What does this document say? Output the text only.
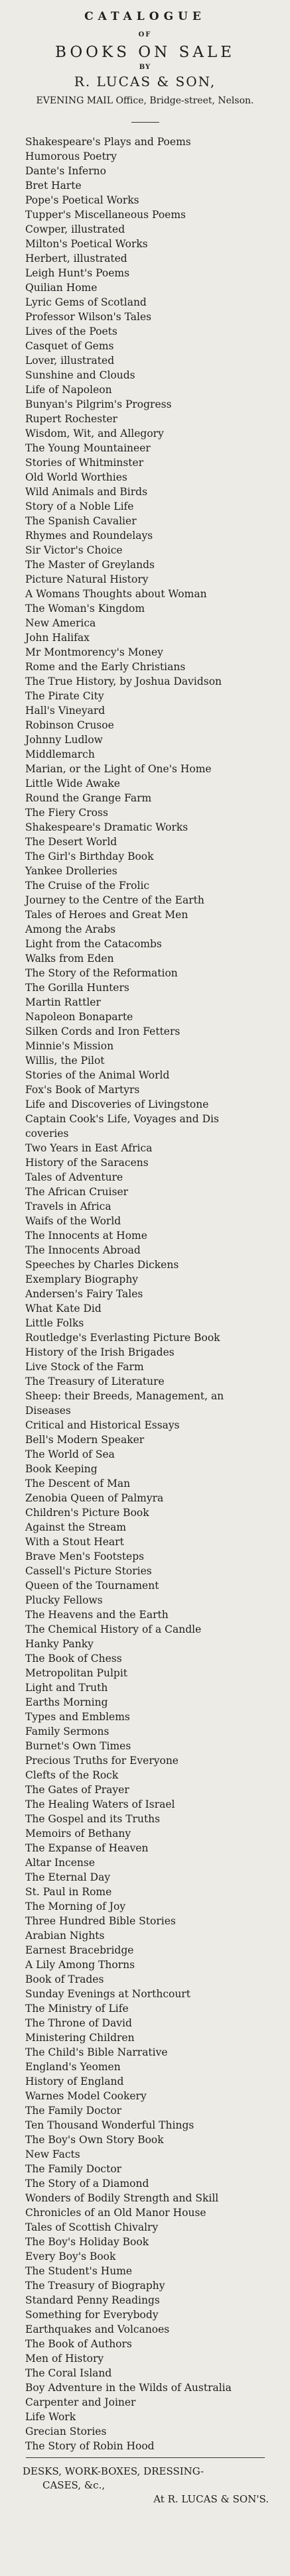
CATALOGUE
OF
BOOKS ON SALE
BY
R. LUCAS & SON,
EVENING MAIL Office, Bridge-street, Nelson.
Shakespeare's Plays and Poems
Humorous Poetry
Dante's Inferno
Bret Harte
Pope's Poetical Works
Tupper's Miscellaneous Poems
Cowper, illustrated
Milton's Poetical Works
Herbert, illustrated
Leigh Hunt's Poems
Quilian Home
Lyric Gems of Scotland
Professor Wilson's Tales
Lives of the Poets
Casquet of Gems
Lover, illustrated
Sunshine and Clouds
Life of Napoleon
Bunyan's Pilgrim's Progress
Rupert Rochester
Wisdom, Wit, and Allegory
The Young Mountaineer
Stories of Whitminster
Old World Worthies
Wild Animals and Birds
Story of a Noble Life
The Spanish Cavalier
Rhymes and Roundelays
Sir Victor's Choice
The Master of Greylands
Picture Natural History
A Womans Thoughts about Woman
The Woman's Kingdom
New America
John Halifax
Mr Montmorency's Money
Rome and the Early Christians
The True History, by Joshua Davidson
The Pirate City
Hall's Vineyard
Robinson Crusoe
Johnny Ludlow
Middlemarch
Marian, or the Light of One's Home
Little Wide Awake
Round the Grange Farm
The Fiery Cross
Shakespeare's Dramatic Works
The Desert World
The Girl's Birthday Book
Yankee Drolleries
The Cruise of the Frolic
Journey to the Centre of the Earth
Tales of Heroes and Great Men
Among the Arabs
Light from the Catacombs
Walks from Eden
The Story of the Reformation
The Gorilla Hunters
Martin Rattler
Napoleon Bonaparte
Silken Cords and Iron Fetters
Minnie's Mission
Willis, the Pilot
Stories of the Animal World
Fox's Book of Martyrs
Life and Discoveries of Livingstone
Captain Cook's Life, Voyages and Dis
coveries
Two Years in East Africa
History of the Saracens
Tales of Adventure
The African Cruiser
Travels in Africa
Waifs of the World
The Innocents at Home
The Innocents Abroad
Speeches by Charles Dickens
Exemplary Biography
Andersen's Fairy Tales
What Kate Did
Little Folks
Routledge's Everlasting Picture Book
History of the Irish Brigades
Live Stock of the Farm
The Treasury of Literature
Sheep: their Breeds, Management, an
Diseases
Critical and Historical Essays
Bell's Modern Speaker
The World of Sea
Book Keeping
The Descent of Man
Zenobia Queen of Palmyra
Children's Picture Book
Against the Stream
With a Stout Heart
Brave Men's Footsteps
Cassell's Picture Stories
Queen of the Tournament
Plucky Fellows
The Heavens and the Earth
The Chemical History of a Candle
Hanky Panky
The Book of Chess
Metropolitan Pulpit
Light and Truth
Earths Morning
Types and Emblems
Family Sermons
Burnet's Own Times
Precious Truths for Everyone
Clefts of the Rock
The Gates of Prayer
The Healing Waters of Israel
The Gospel and its Truths
Memoirs of Bethany
The Expanse of Heaven
Altar Incense
The Eternal Day
St. Paul in Rome
The Morning of Joy
Three Hundred Bible Stories
Arabian Nights
Earnest Bracebridge
A Lily Among Thorns
Book of Trades
Sunday Evenings at Northcourt
The Ministry of Life
The Throne of David
Ministering Children
The Child's Bible Narrative
England's Yeomen
History of England
Warnes Model Cookery
The Family Doctor
Ten Thousand Wonderful Things
The Boy's Own Story Book
New Facts
The Family Doctor
The Story of a Diamond
Wonders of Bodily Strength and Skill
Chronicles of an Old Manor House
Tales of Scottish Chivalry
The Boy's Holiday Book
Every Boy's Book
The Student's Hume
The Treasury of Biography
Standard Penny Readings
Something for Everybody
Earthquakes and Volcanoes
The Book of Authors
Men of History
The Coral Island
Boy Adventure in the Wilds of Australia
Carpenter and Joiner
Life Work
Grecian Stories
The Story of Robin Hood
DESKS, WORK-BOXES, DRESSING-
CASES, &c.,
At R. LUCAS & SON'S.
